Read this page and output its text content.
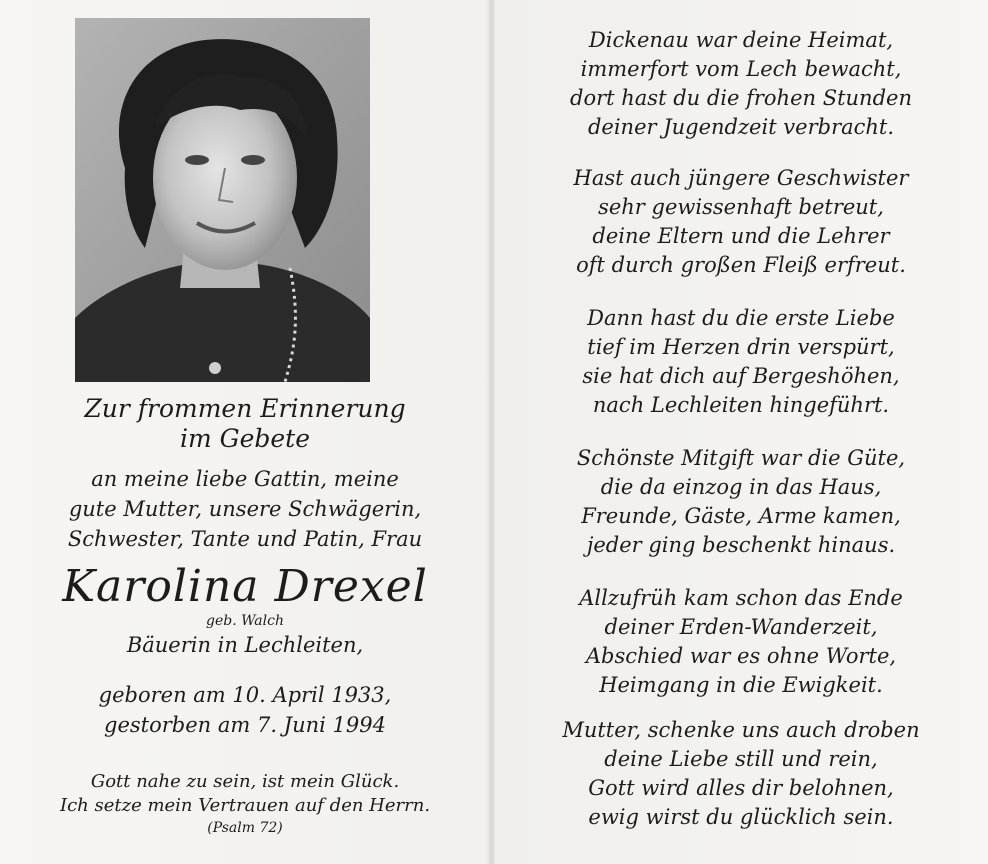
Zur frommen Erinnerung
im Gebete
an meine liebe Gattin, meine
gute Mutter, unsere Schwägerin,
Schwester, Tante und Patin, Frau
Karolina Drexel
geb. Walch
Bäuerin in Lechleiten,
geboren am 10. April 1933,
gestorben am 7. Juni 1994
Gott nahe zu sein, ist mein Glück.
Ich setze mein Vertrauen auf den Herrn.
(Psalm 72)
Dickenau war deine Heimat,
immerfort vom Lech bewacht,
dort hast du die frohen Stunden
deiner Jugendzeit verbracht.
Hast auch jüngere Geschwister
sehr gewissenhaft betreut,
deine Eltern und die Lehrer
oft durch großen Fleiß erfreut.
Dann hast du die erste Liebe
tief im Herzen drin verspürt,
sie hat dich auf Bergeshöhen,
nach Lechleiten hingeführt.
Schönste Mitgift war die Güte,
die da einzog in das Haus,
Freunde, Gäste, Arme kamen,
jeder ging beschenkt hinaus.
Allzufrüh kam schon das Ende
deiner Erden-Wanderzeit,
Abschied war es ohne Worte,
Heimgang in die Ewigkeit.
Mutter, schenke uns auch droben
deine Liebe still und rein,
Gott wird alles dir belohnen,
ewig wirst du glücklich sein.
